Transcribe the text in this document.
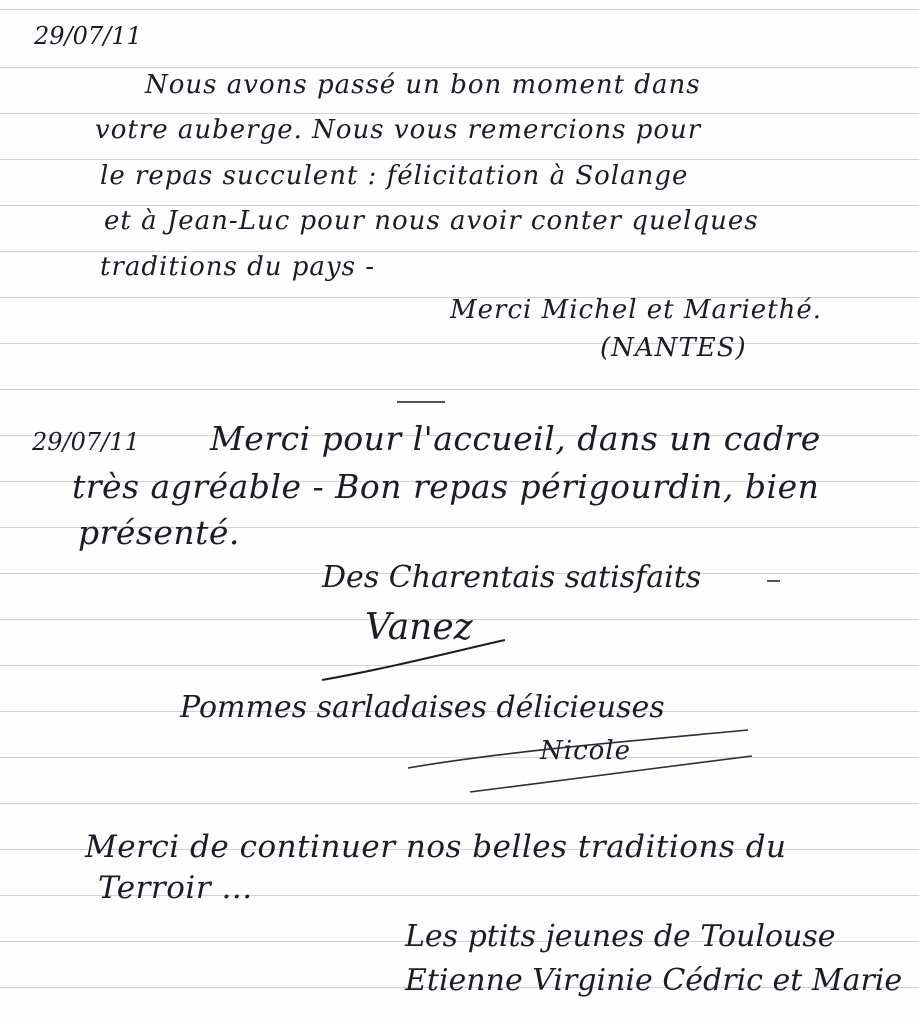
29/07/11
Nous avons passé un bon moment dans
votre auberge. Nous vous remercions pour
le repas succulent : félicitation à Solange
et à Jean-Luc pour nous avoir conter quelques
traditions du pays -
Merci Michel et Mariethé.
(NANTES)
29/07/11 Merci pour l'accueil, dans un cadre
très agréable - Bon repas périgourdin, bien
présenté.
Des Charentais satisfaits
Vanez
Pommes sarladaises délicieuses
Nicole
Merci de continuer nos belles traditions du
Terroir ...
Les ptits jeunes de Toulouse
Etienne Virginie Cédric et Marie
